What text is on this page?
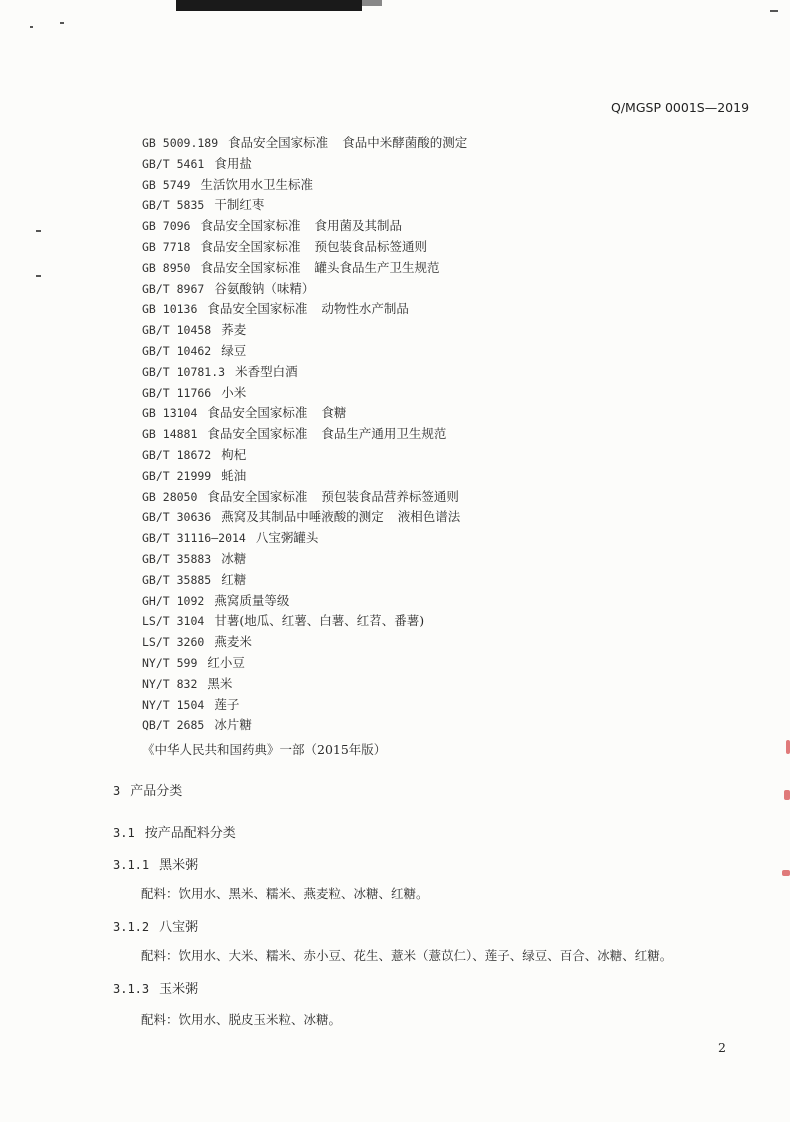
Q/MGSP 0001S—2019
GB 5009.189 食品安全国家标准 食品中米酵菌酸的测定
GB/T 5461 食用盐
GB 5749 生活饮用水卫生标准
GB/T 5835 干制红枣
GB 7096 食品安全国家标准 食用菌及其制品
GB 7718 食品安全国家标准 预包装食品标签通则
GB 8950 食品安全国家标准 罐头食品生产卫生规范
GB/T 8967 谷氨酸钠（味精）
GB 10136 食品安全国家标准 动物性水产制品
GB/T 10458 荞麦
GB/T 10462 绿豆
GB/T 10781.3 米香型白酒
GB/T 11766 小米
GB 13104 食品安全国家标准 食糖
GB 14881 食品安全国家标准 食品生产通用卫生规范
GB/T 18672 枸杞
GB/T 21999 蚝油
GB 28050 食品安全国家标准 预包装食品营养标签通则
GB/T 30636 燕窝及其制品中唾液酸的测定 液相色谱法
GB/T 31116—2014 八宝粥罐头
GB/T 35883 冰糖
GB/T 35885 红糖
GH/T 1092 燕窝质量等级
LS/T 3104 甘薯(地瓜、红薯、白薯、红苕、番薯)
LS/T 3260 燕麦米
NY/T 599 红小豆
NY/T 832 黑米
NY/T 1504 莲子
QB/T 2685 冰片糖
《中华人民共和国药典》一部（2015年版）
3 产品分类
3.1 按产品配料分类
3.1.1 黑米粥
配料：饮用水、黑米、糯米、燕麦粒、冰糖、红糖。
3.1.2 八宝粥
配料：饮用水、大米、糯米、赤小豆、花生、薏米（薏苡仁）、莲子、绿豆、百合、冰糖、红糖。
3.1.3 玉米粥
配料：饮用水、脱皮玉米粒、冰糖。
2
